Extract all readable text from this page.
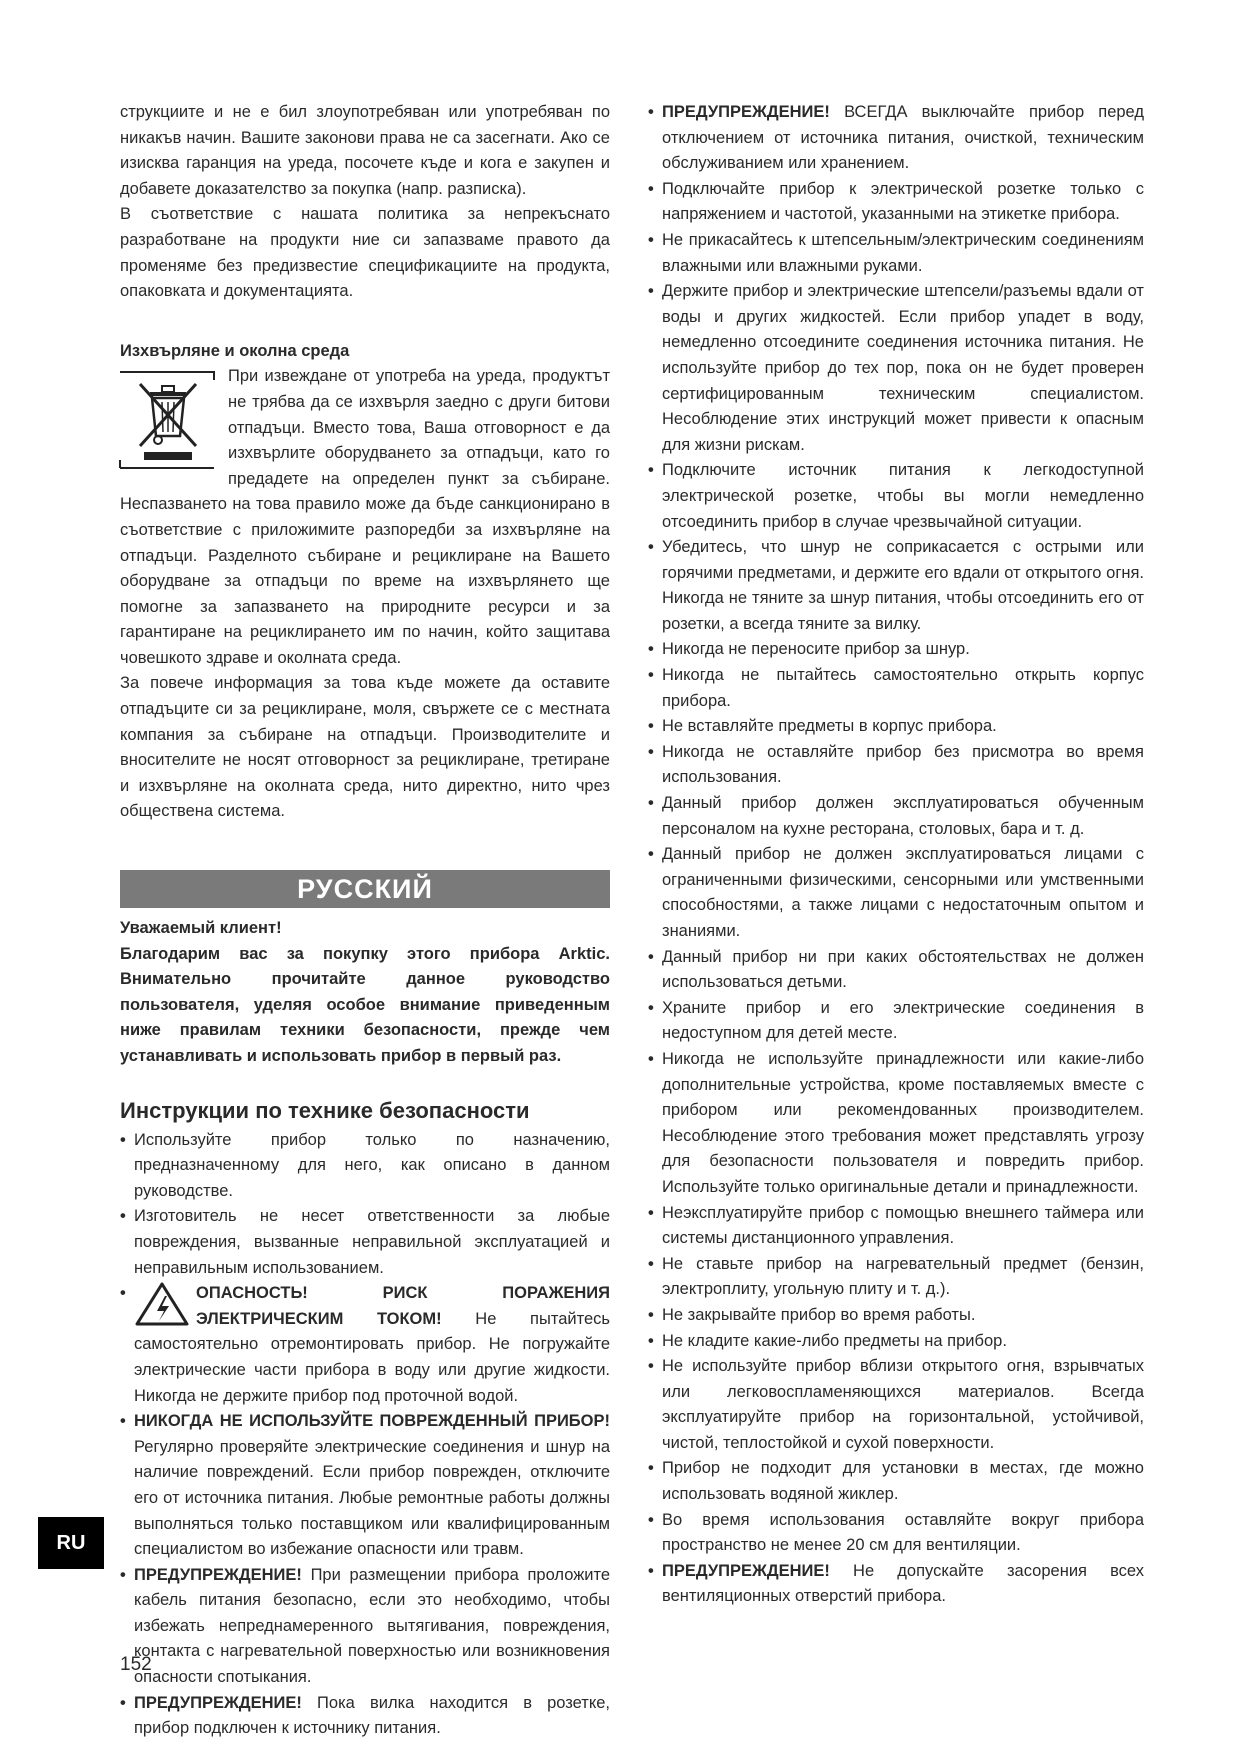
струкциите и не е бил злоупотребяван или употребяван по никакъв начин. Вашите законови права не са засегнати. Ако се изисква гаранция на уреда, посочете къде и кога е закупен и добавете доказателство за покупка (напр. разписка).

В съответствие с нашата политика за непрекъснато разработване на продукти ние си запазваме правото да променяме без предизвестие спецификациите на продукта, опаковката и документацията.

Изхвърляне и околна среда

При извеждане от употреба на уреда, продуктът не трябва да се изхвърля заедно с други битови отпадъци. Вместо това, Ваша отговорност е да изхвърлите оборудването за отпадъци, като го предадете на определен пункт за събиране. Неспазването на това правило може да бъде санкционирано в съответствие с приложимите разпоредби за изхвърляне на отпадъци. Разделното събиране и рециклиране на Вашето оборудване за отпадъци по време на изхвърлянето ще помогне за запазването на природните ресурси и за гарантиране на рециклирането им по начин, който защитава човешкото здраве и околната среда.

За повече информация за това къде можете да оставите отпадъците си за рециклиране, моля, свържете се с местната компания за събиране на отпадъци. Производителите и вносителите не носят отговорност за рециклиране, третиране и изхвърляне на околната среда, нито директно, нито чрез обществена система.

РУССКИЙ
Уважаемый клиент!

Благодарим вас за покупку этого прибора Arktic. Внимательно прочитайте данное руководство пользователя, уделяя особое внимание приведенным ниже правилам техники безопасности, прежде чем устанавливать и использовать прибор в первый раз.

Инструкции по технике безопасности
• Используйте прибор только по назначению, предназначенному для него, как описано в данном руководстве.
• Изготовитель не несет ответственности за любые повреждения, вызванные неправильной эксплуатацией и неправильным использованием.
• ОПАСНОСТЬ! РИСК ПОРАЖЕНИЯ ЭЛЕКТРИЧЕСКИМ ТОКОМ! Не пытайтесь самостоятельно отремонтировать прибор. Не погружайте электрические части прибора в воду или другие жидкости. Никогда не держите прибор под проточной водой.
• НИКОГДА НЕ ИСПОЛЬЗУЙТЕ ПОВРЕЖДЕННЫЙ ПРИБОР! Регулярно проверяйте электрические соединения и шнур на наличие повреждений. Если прибор поврежден, отключите его от источника питания. Любые ремонтные работы должны выполняться только поставщиком или квалифицированным специалистом во избежание опасности или травм.
• ПРЕДУПРЕЖДЕНИЕ! При размещении прибора проложите кабель питания безопасно, если это необходимо, чтобы избежать непреднамеренного вытягивания, повреждения, контакта с нагревательной поверхностью или возникновения опасности спотыкания.
• ПРЕДУПРЕЖДЕНИЕ! Пока вилка находится в розетке, прибор подключен к источнику питания.
• ПРЕДУПРЕЖДЕНИЕ! ВСЕГДА выключайте прибор перед отключением от источника питания, очисткой, техническим обслуживанием или хранением.
• Подключайте прибор к электрической розетке только с напряжением и частотой, указанными на этикетке прибора.
• Не прикасайтесь к штепсельным/электрическим соединениям влажными или влажными руками.
• Держите прибор и электрические штепсели/разъемы вдали от воды и других жидкостей. Если прибор упадет в воду, немедленно отсоедините соединения источника питания. Не используйте прибор до тех пор, пока он не будет проверен сертифицированным техническим специалистом. Несоблюдение этих инструкций может привести к опасным для жизни рискам.
• Подключите источник питания к легкодоступной электрической розетке, чтобы вы могли немедленно отсоединить прибор в случае чрезвычайной ситуации.
• Убедитесь, что шнур не соприкасается с острыми или горячими предметами, и держите его вдали от открытого огня. Никогда не тяните за шнур питания, чтобы отсоединить его от розетки, а всегда тяните за вилку.
• Никогда не переносите прибор за шнур.
• Никогда не пытайтесь самостоятельно открыть корпус прибора.
• Не вставляйте предметы в корпус прибора.
• Никогда не оставляйте прибор без присмотра во время использования.
• Данный прибор должен эксплуатироваться обученным персоналом на кухне ресторана, столовых, бара и т. д.
• Данный прибор не должен эксплуатироваться лицами с ограниченными физическими, сенсорными или умственными способностями, а также лицами с недостаточным опытом и знаниями.
• Данный прибор ни при каких обстоятельствах не должен использоваться детьми.
• Храните прибор и его электрические соединения в недоступном для детей месте.
• Никогда не используйте принадлежности или какие-либо дополнительные устройства, кроме поставляемых вместе с прибором или рекомендованных производителем. Несоблюдение этого требования может представлять угрозу для безопасности пользователя и повредить прибор. Используйте только оригинальные детали и принадлежности.
• Неэксплуатируйте прибор с помощью внешнего таймера или системы дистанционного управления.
• Не ставьте прибор на нагревательный предмет (бензин, электроплиту, угольную плиту и т. д.).
• Не закрывайте прибор во время работы.
• Не кладите какие-либо предметы на прибор.
• Не используйте прибор вблизи открытого огня, взрывчатых или легковоспламеняющихся материалов. Всегда эксплуатируйте прибор на горизонтальной, устойчивой, чистой, теплостойкой и сухой поверхности.
• Прибор не подходит для установки в местах, где можно использовать водяной жиклер.
• Во время использования оставляйте вокруг прибора пространство не менее 20 см для вентиляции.
• ПРЕДУПРЕЖДЕНИЕ! Не допускайте засорения всех вентиляционных отверстий прибора.
RU
152
